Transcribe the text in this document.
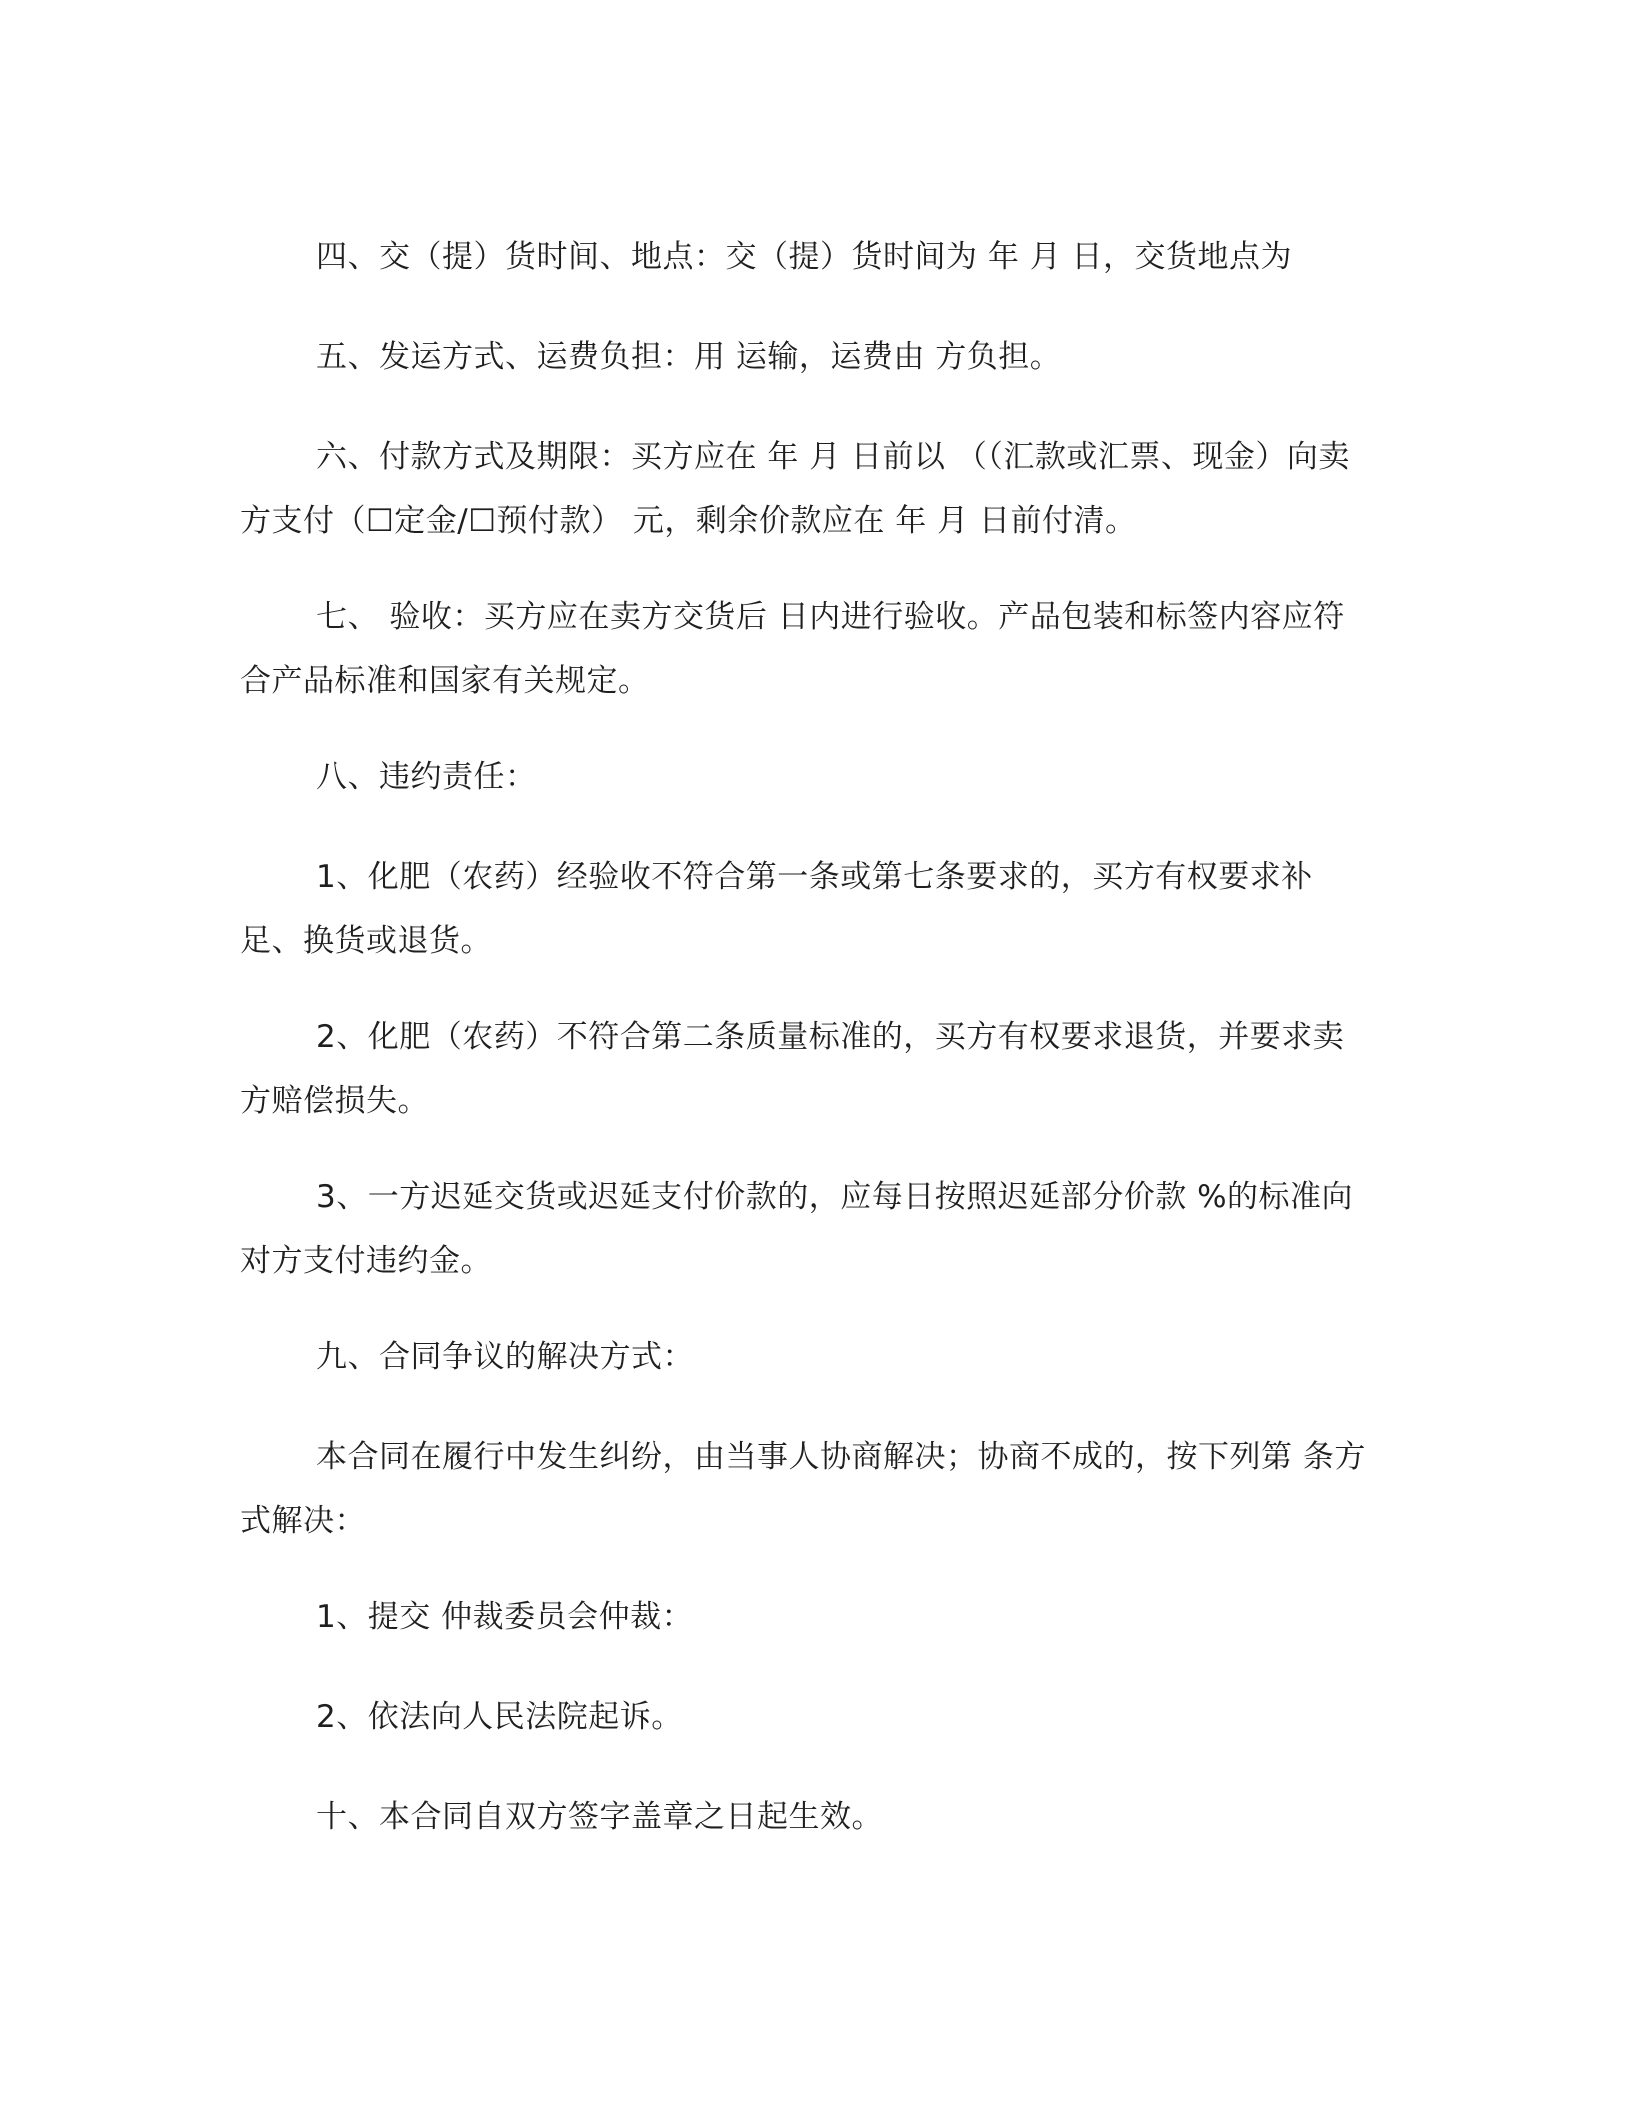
四、交（提）货时间、地点：交（提）货时间为 年 月 日，交货地点为

五、发运方式、运费负担：用 运输，运费由 方负担。

六、付款方式及期限：买方应在 年 月 日前以 （（汇款或汇票、现金）向卖方支付（☐定金/☐预付款） 元，剩余价款应在 年 月 日前付清。

七、 验收：买方应在卖方交货后 日内进行验收。产品包装和标签内容应符合产品标准和国家有关规定。

八、违约责任：

1、化肥（农药）经验收不符合第一条或第七条要求的，买方有权要求补足、换货或退货。

2、化肥（农药）不符合第二条质量标准的，买方有权要求退货，并要求卖方赔偿损失。

3、一方迟延交货或迟延支付价款的，应每日按照迟延部分价款 %的标准向对方支付违约金。

九、合同争议的解决方式：

本合同在履行中发生纠纷，由当事人协商解决；协商不成的，按下列第 条方式解决：

1、提交 仲裁委员会仲裁：

2、依法向人民法院起诉。

十、本合同自双方签字盖章之日起生效。
